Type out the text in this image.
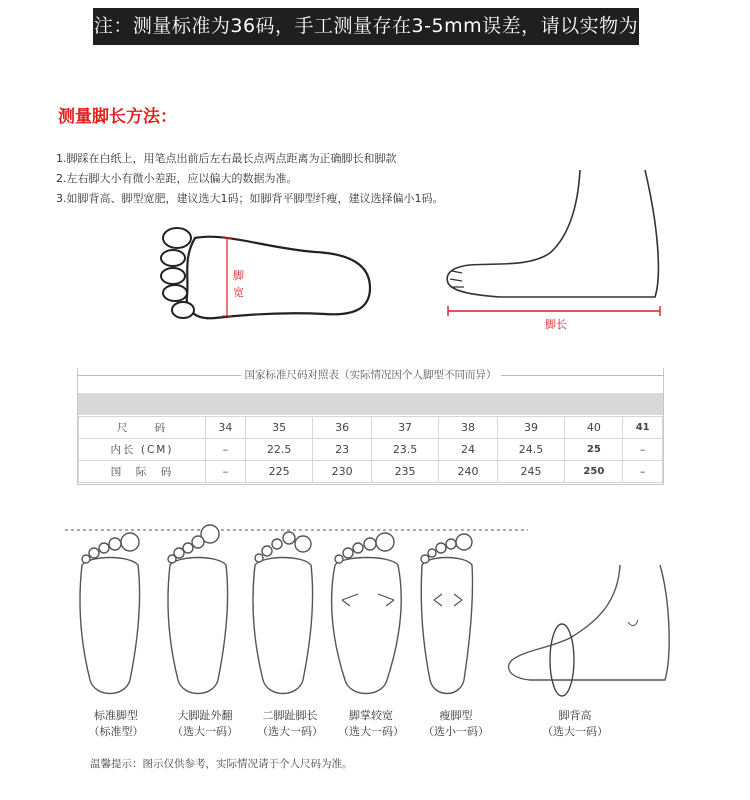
注：测量标准为36码，手工测量存在3-5mm误差，请以实物为准。
测量脚长方法：
1.脚踩在白纸上，用笔点出前后左右最长点两点距离为正确脚长和脚款
2.左右脚大小有微小差距，应以偏大的数据为准。
3.如脚背高、脚型宽肥，建议选大1码；如脚背平脚型纤瘦，建议选择偏小1码。
脚
宽
脚长
国家标准尺码对照表（实际情况因个人脚型不同而异）
尺　　码	34	35	36	37	38	39	40	41
内长 (CM)	–	22.5	23	23.5	24	24.5	25	–
国　际　码	–	225	230	235	240	245	250	–
标准脚型
（标准型）
大脚趾外翻
（选大一码）
二脚趾脚长
（选大一码）
脚掌较宽
（选大一码）
瘦脚型
（选小一码）
脚背高
（选大一码）
温馨提示：图示仅供参考，实际情况请于个人尺码为准。
